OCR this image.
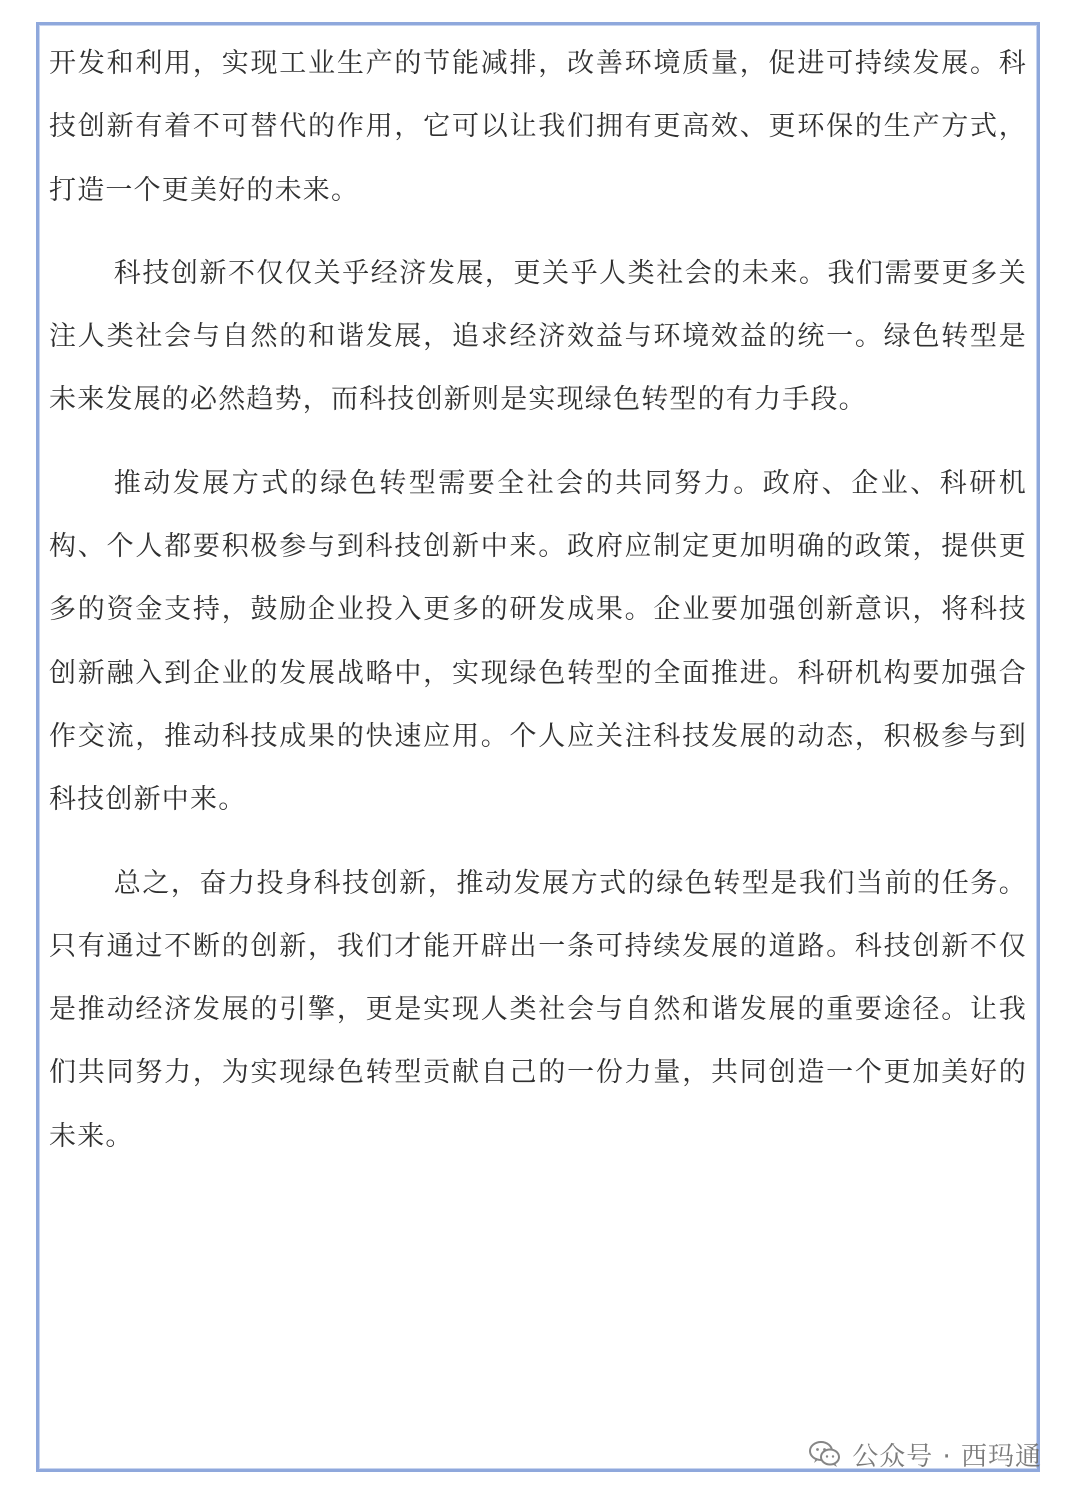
开发和利用，实现工业生产的节能减排，改善环境质量，促进可持续发展。科技创新有着不可替代的作用，它可以让我们拥有更高效、更环保的生产方式，打造一个更美好的未来。

科技创新不仅仅关乎经济发展，更关乎人类社会的未来。我们需要更多关注人类社会与自然的和谐发展，追求经济效益与环境效益的统一。绿色转型是未来发展的必然趋势，而科技创新则是实现绿色转型的有力手段。

推动发展方式的绿色转型需要全社会的共同努力。政府、企业、科研机构、个人都要积极参与到科技创新中来。政府应制定更加明确的政策，提供更多的资金支持，鼓励企业投入更多的研发成果。企业要加强创新意识，将科技创新融入到企业的发展战略中，实现绿色转型的全面推进。科研机构要加强合作交流，推动科技成果的快速应用。个人应关注科技发展的动态，积极参与到科技创新中来。

总之，奋力投身科技创新，推动发展方式的绿色转型是我们当前的任务。只有通过不断的创新，我们才能开辟出一条可持续发展的道路。科技创新不仅是推动经济发展的引擎，更是实现人类社会与自然和谐发展的重要途径。让我们共同努力，为实现绿色转型贡献自己的一份力量，共同创造一个更加美好的未来。

公众号 · 西玛通
